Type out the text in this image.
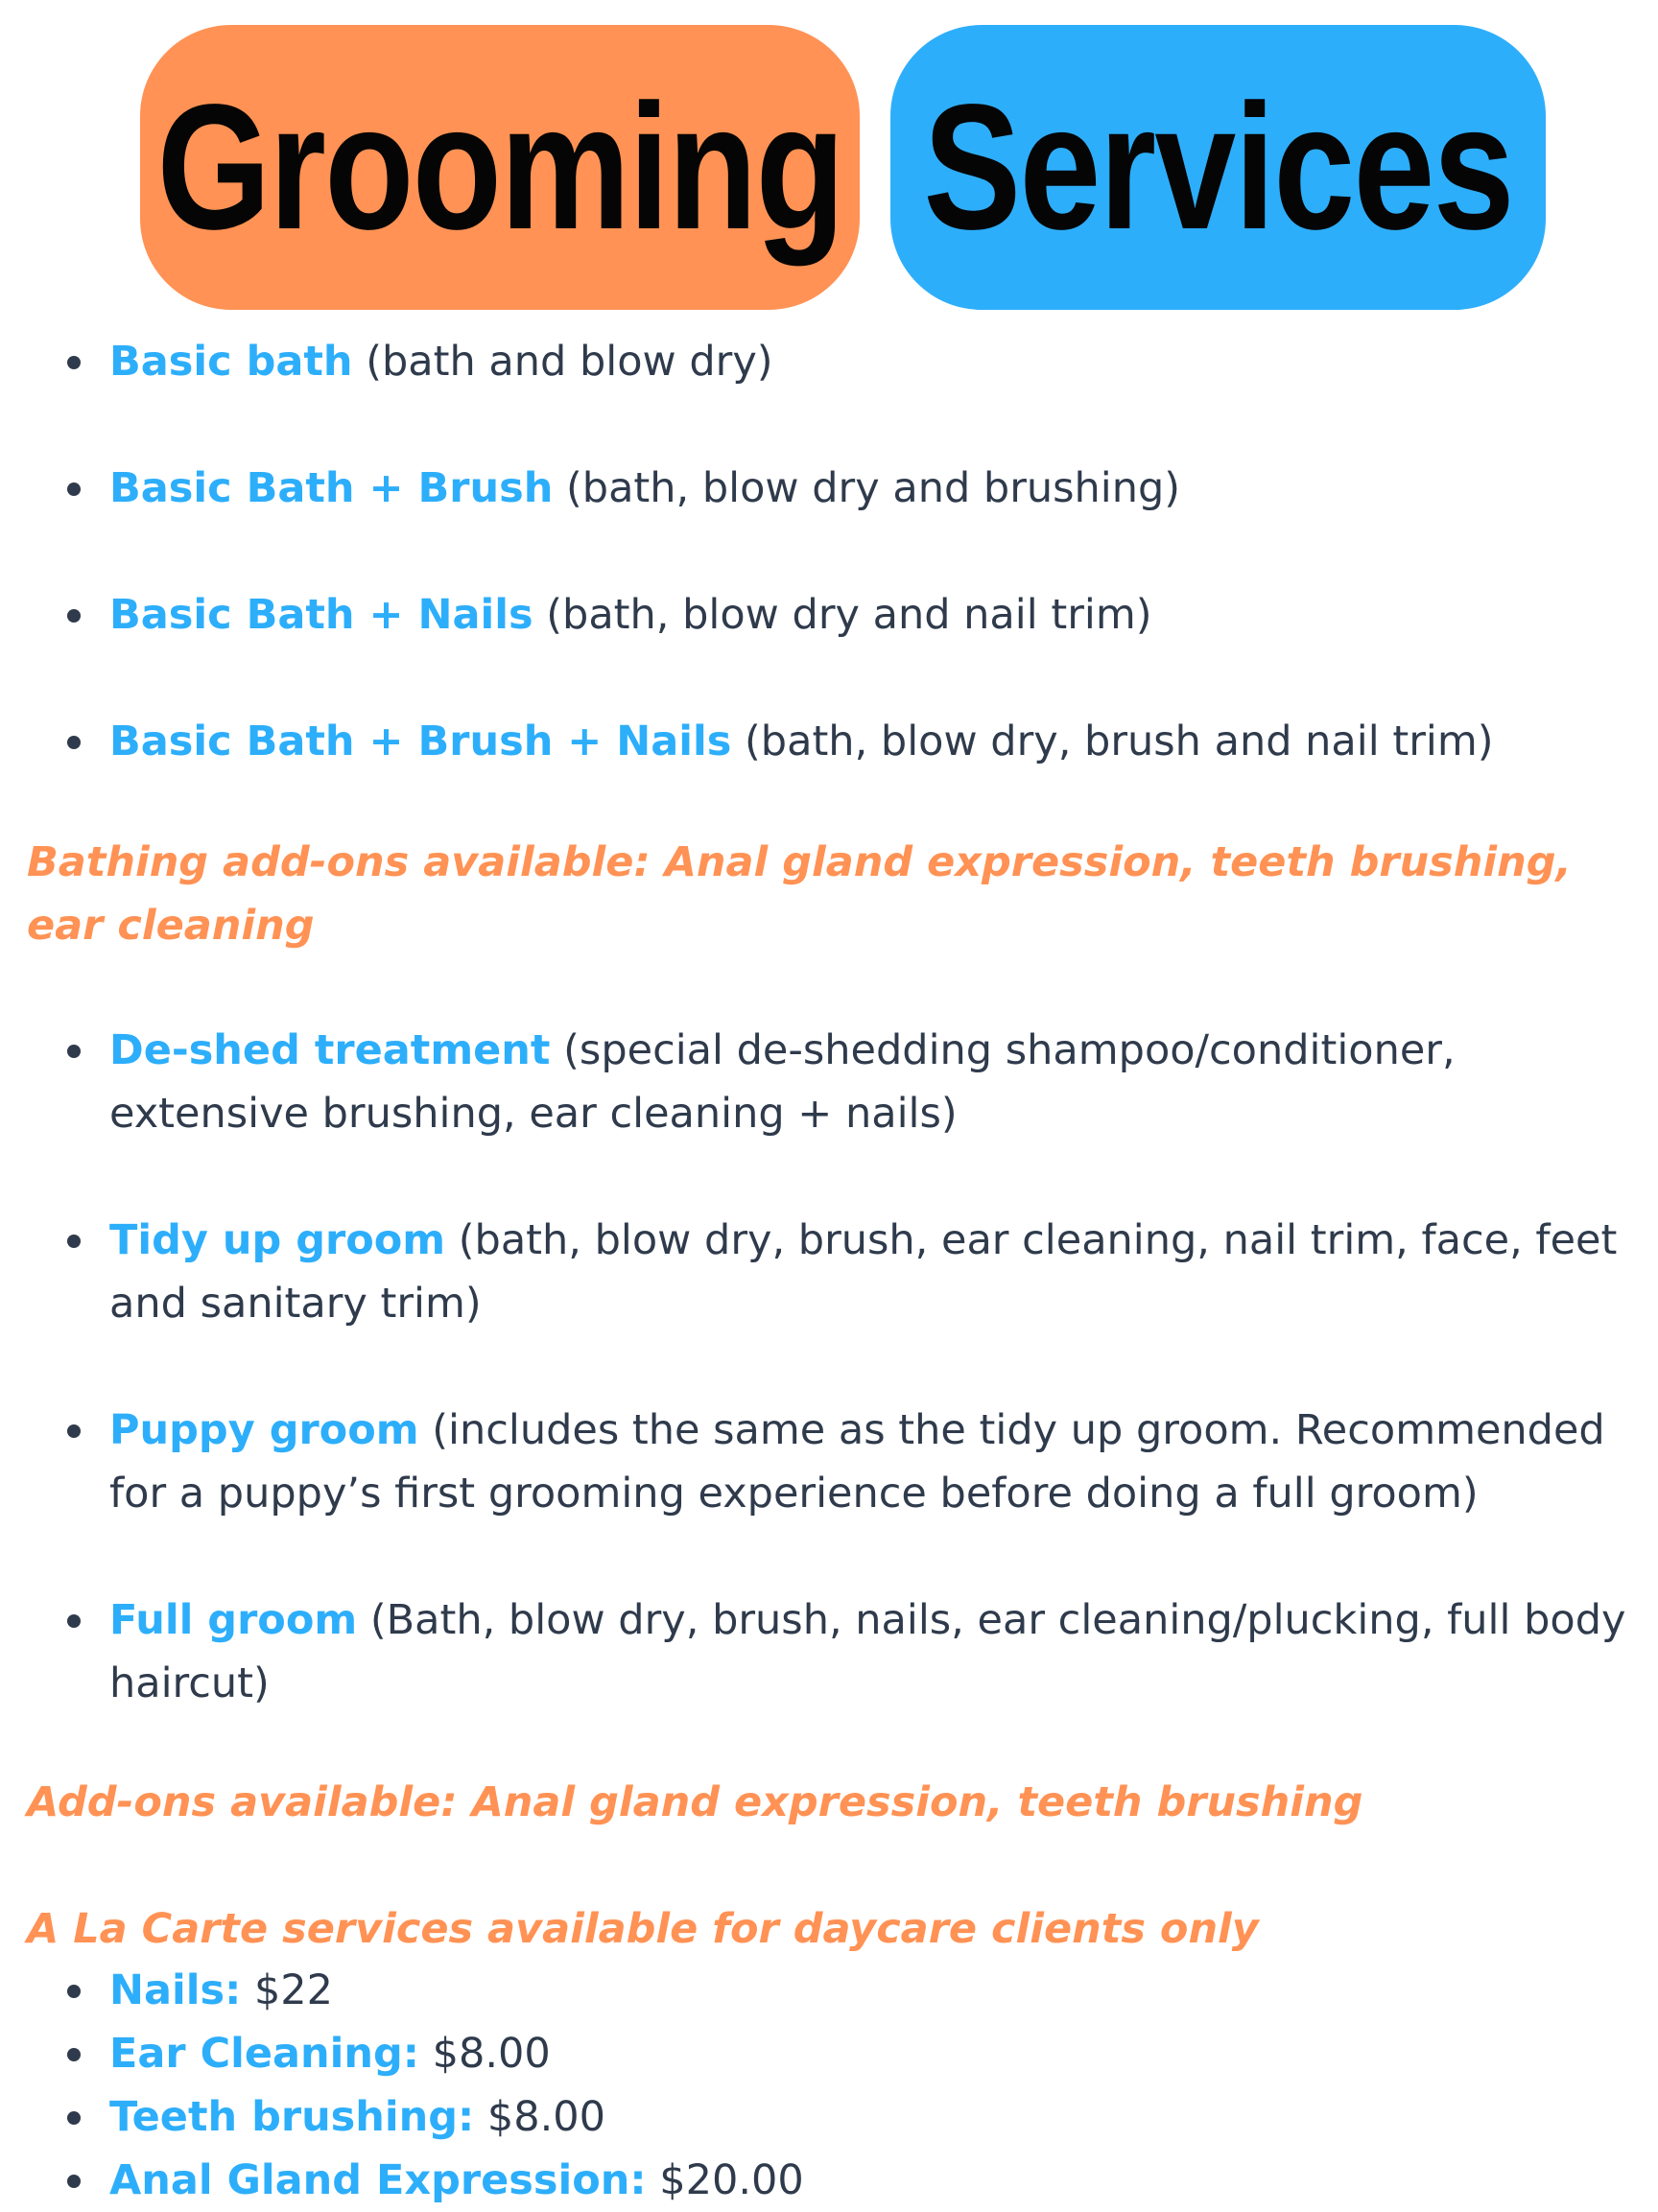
Grooming Services
Basic bath (bath and blow dry)
Basic Bath + Brush (bath, blow dry and brushing)
Basic Bath + Nails (bath, blow dry and nail trim)
Basic Bath + Brush + Nails (bath, blow dry, brush and nail trim)

Bathing add-ons available: Anal gland expression, teeth brushing, ear cleaning

De-shed treatment (special de-shedding shampoo/conditioner, extensive brushing, ear cleaning + nails)
Tidy up groom (bath, blow dry, brush, ear cleaning, nail trim, face, feet and sanitary trim)
Puppy groom (includes the same as the tidy up groom. Recommended for a puppy’s first grooming experience before doing a full groom)
Full groom (Bath, blow dry, brush, nails, ear cleaning/plucking, full body haircut)

Add-ons available: Anal gland expression, teeth brushing

A La Carte services available for daycare clients only

Nails: $22
Ear Cleaning: $8.00
Teeth brushing: $8.00
Anal Gland Expression: $20.00
